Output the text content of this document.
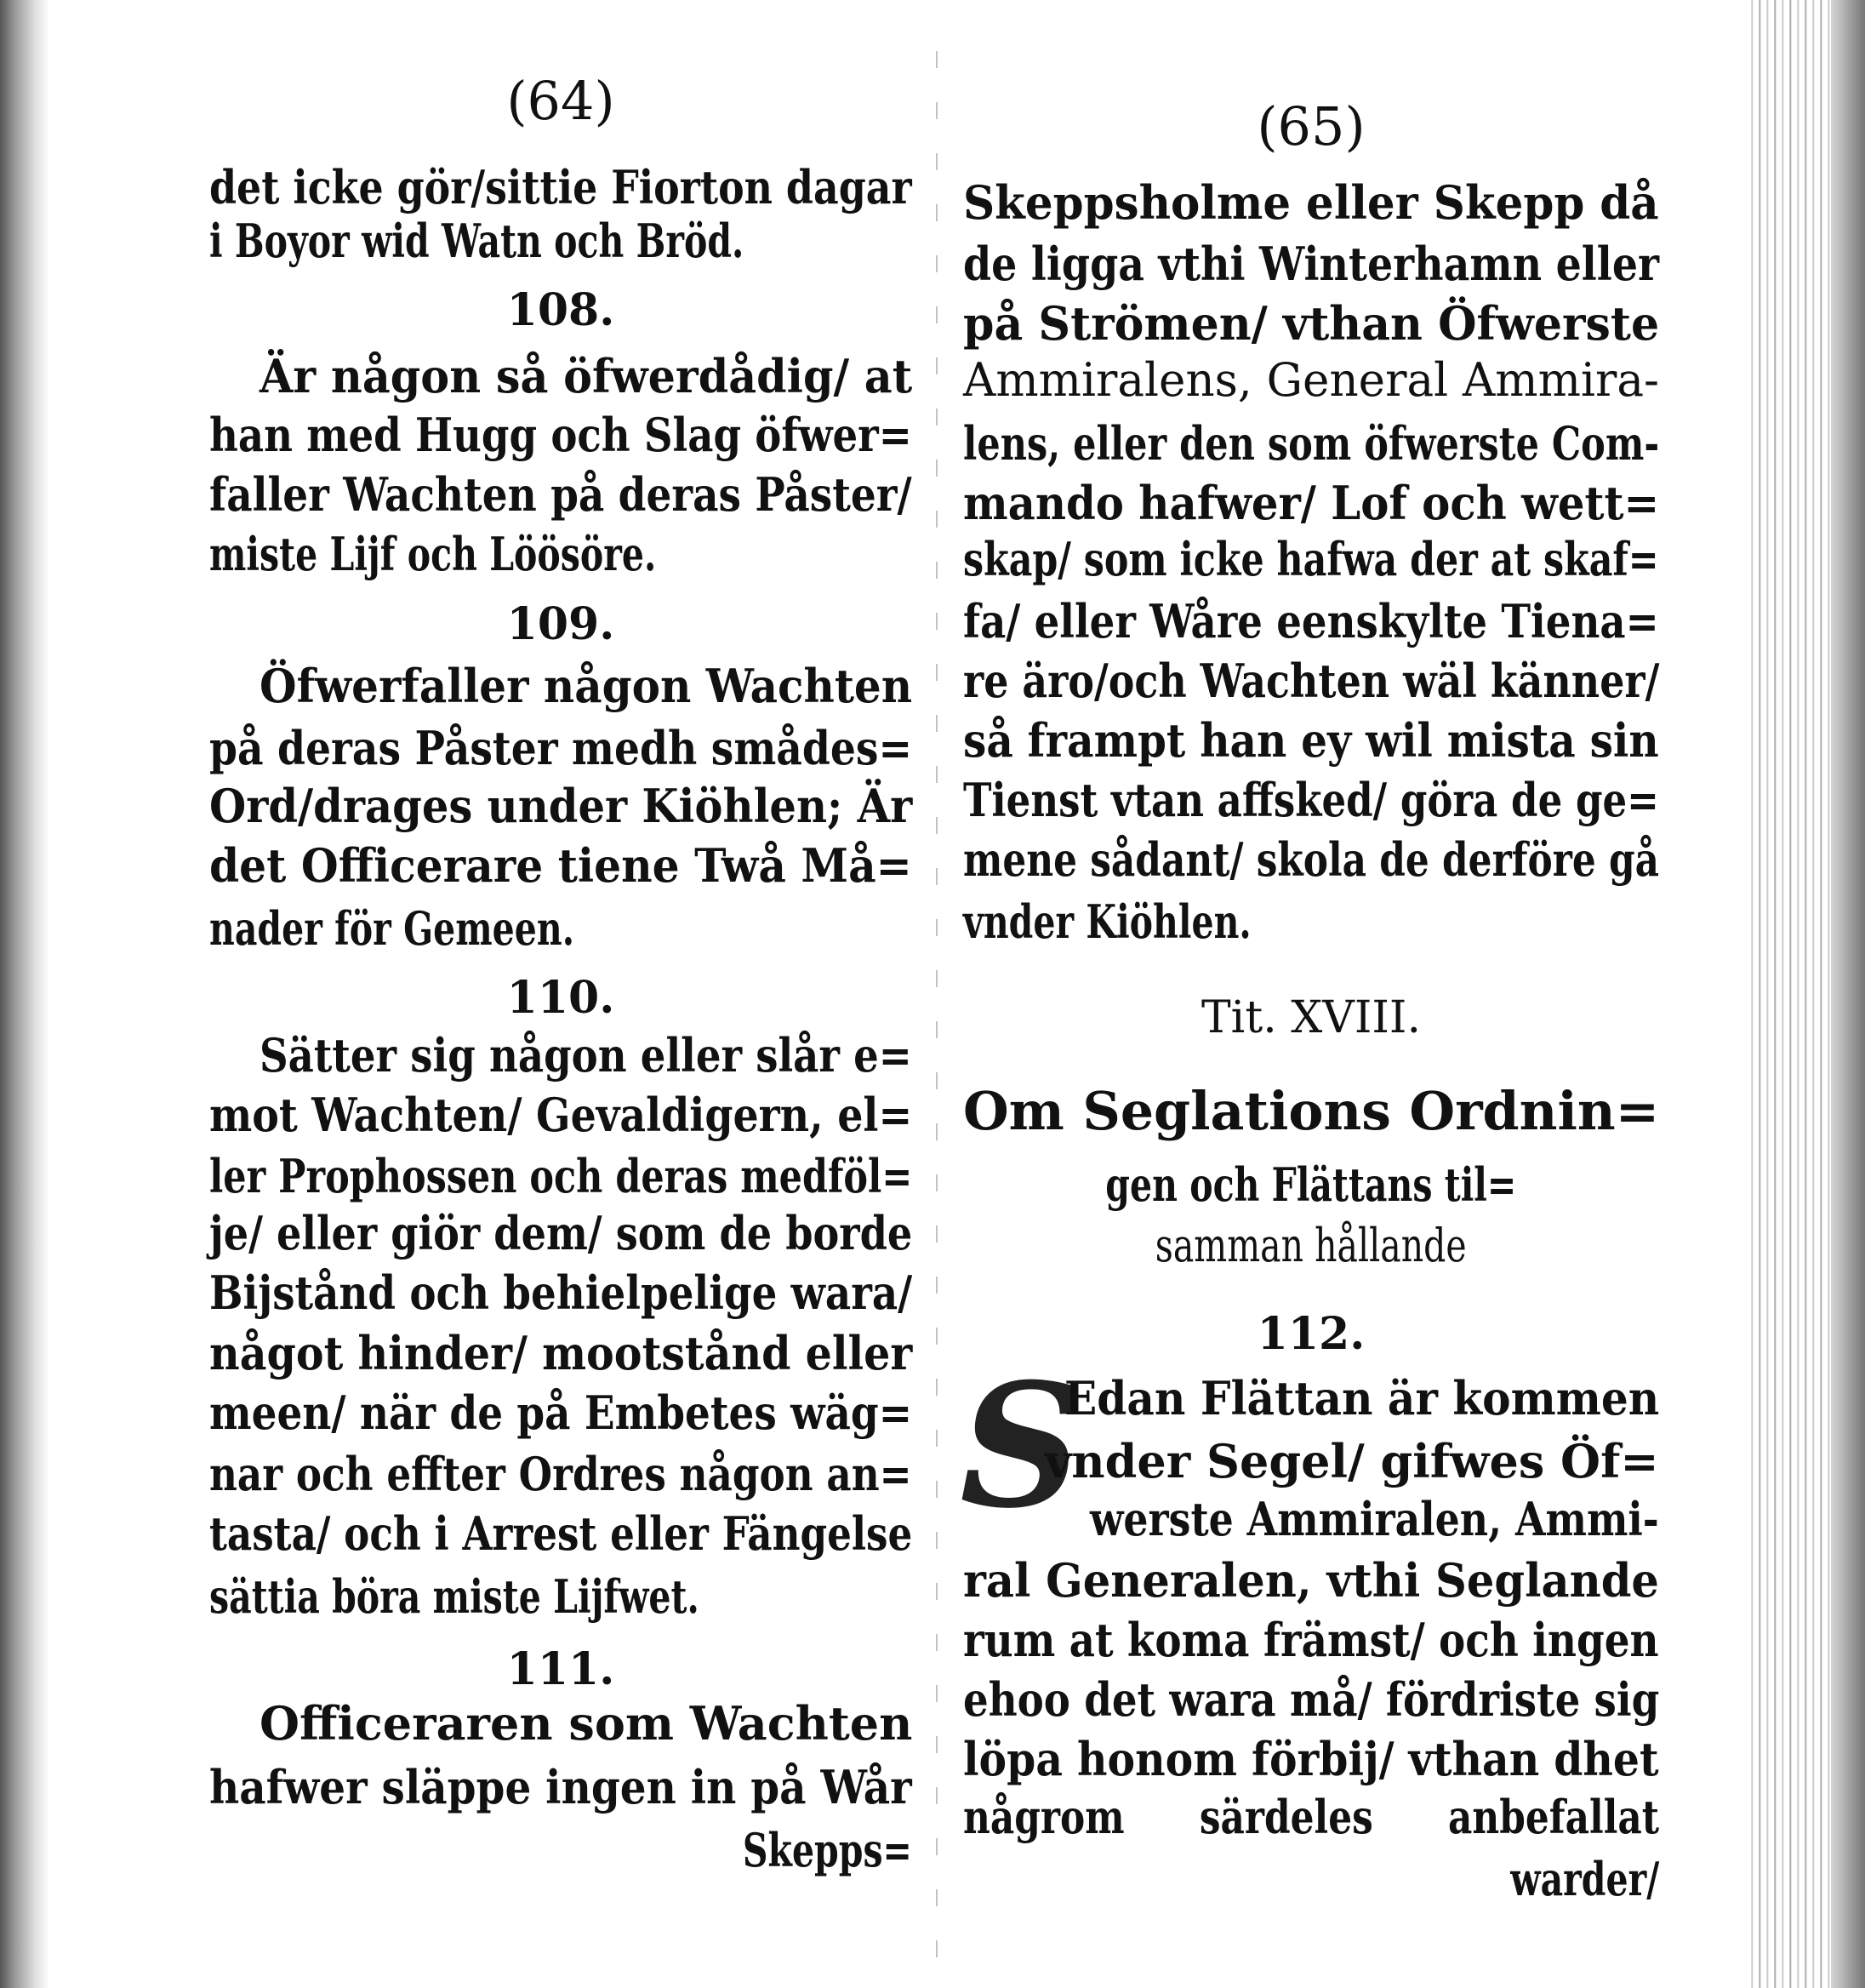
(64)
det icke gör/sittie Fiorton dagar
i Boyor wid Watn och Bröd.
108.
Är någon så öfwerdådig/ at
han med Hugg och Slag öfwer=
faller Wachten på deras Påster/
miste Lijf och Löösöre.
109.
Öfwerfaller någon Wachten
på deras Påster medh smådes=
Ord/drages under Kiöhlen; Är
det Officerare tiene Twå Må=
nader för Gemeen.
110.
Sätter sig någon eller slår e=
mot Wachten/ Gevaldigern, el=
ler Prophossen och deras medföl=
je/ eller giör dem/ som de borde
Bijstånd och behielpelige wara/
något hinder/ mootstånd eller
meen/ när de på Embetes wäg=
nar och effter Ordres någon an=
tasta/ och i Arrest eller Fängelse
sättia böra miste Lijfwet.
111.
Officeraren som Wachten
hafwer släppe ingen in på Wår
Skepps=
(65)
Skeppsholme eller Skepp då
de ligga vthi Winterhamn eller
på Strömen/ vthan Öfwerste
Ammiralens, General Ammira-
lens, eller den som öfwerste Com-
mando hafwer/ Lof och wett=
skap/ som icke hafwa der at skaf=
fa/ eller Wåre eenskylte Tiena=
re äro/och Wachten wäl känner/
så frampt han ey wil mista sin
Tienst vtan affsked/ göra de ge=
mene sådant/ skola de derföre gå
vnder Kiöhlen.
Tit. XVIII.
Om Seglations Ordnin=
gen och Flättans til=
samman hållande
112.
S
Edan Flättan är kommen
vnder Segel/ gifwes Öf=
werste Ammiralen, Ammi-
ral Generalen, vthi Seglande
rum at koma främst/ och ingen
ehoo det wara må/ fördriste sig
löpa honom förbij/ vthan dhet
någrom särdeles anbefallat
warder/
